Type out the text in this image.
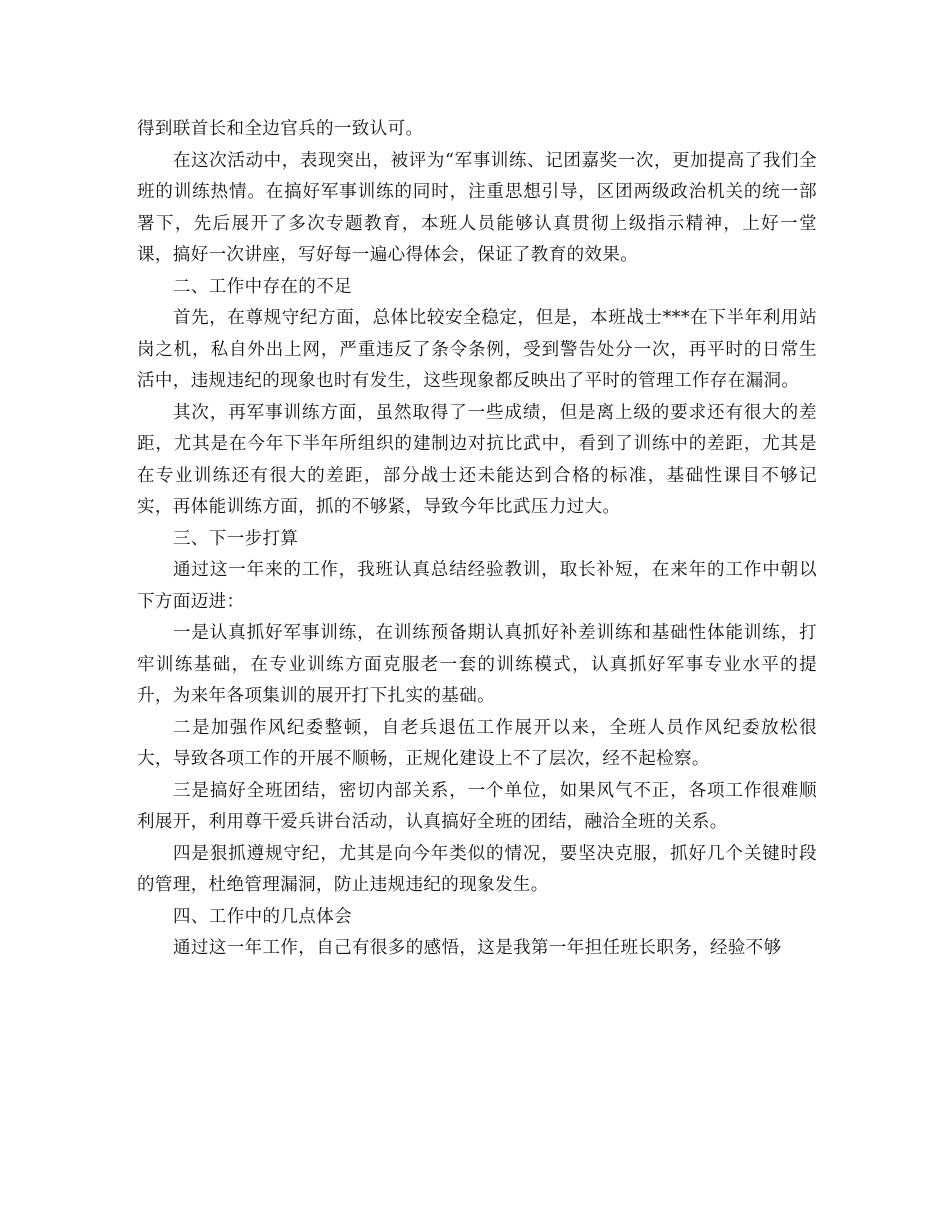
得到联首长和全边官兵的一致认可。

在这次活动中，表现突出，被评为“军事训练、记团嘉奖一次，更加提高了我们全班的训练热情。在搞好军事训练的同时，注重思想引导，区团两级政治机关的统一部署下，先后展开了多次专题教育，本班人员能够认真贯彻上级指示精神，上好一堂课，搞好一次讲座，写好每一遍心得体会，保证了教育的效果。

二、工作中存在的不足

首先，在尊规守纪方面，总体比较安全稳定，但是，本班战士***在下半年利用站岗之机，私自外出上网，严重违反了条令条例，受到警告处分一次，再平时的日常生活中，违规违纪的现象也时有发生，这些现象都反映出了平时的管理工作存在漏洞。

其次，再军事训练方面，虽然取得了一些成绩，但是离上级的要求还有很大的差距，尤其是在今年下半年所组织的建制边对抗比武中，看到了训练中的差距，尤其是在专业训练还有很大的差距，部分战士还未能达到合格的标准，基础性课目不够记实，再体能训练方面，抓的不够紧，导致今年比武压力过大。

三、下一步打算

通过这一年来的工作，我班认真总结经验教训，取长补短，在来年的工作中朝以下方面迈进：

一是认真抓好军事训练，在训练预备期认真抓好补差训练和基础性体能训练，打牢训练基础，在专业训练方面克服老一套的训练模式，认真抓好军事专业水平的提升，为来年各项集训的展开打下扎实的基础。

二是加强作风纪委整顿，自老兵退伍工作展开以来，全班人员作风纪委放松很大，导致各项工作的开展不顺畅，正规化建设上不了层次，经不起检察。

三是搞好全班团结，密切内部关系，一个单位，如果风气不正，各项工作很难顺利展开，利用尊干爱兵讲台活动，认真搞好全班的团结，融洽全班的关系。

四是狠抓遵规守纪，尤其是向今年类似的情况，要坚决克服，抓好几个关键时段的管理，杜绝管理漏洞，防止违规违纪的现象发生。

四、工作中的几点体会

通过这一年工作，自己有很多的感悟，这是我第一年担任班长职务，经验不够
